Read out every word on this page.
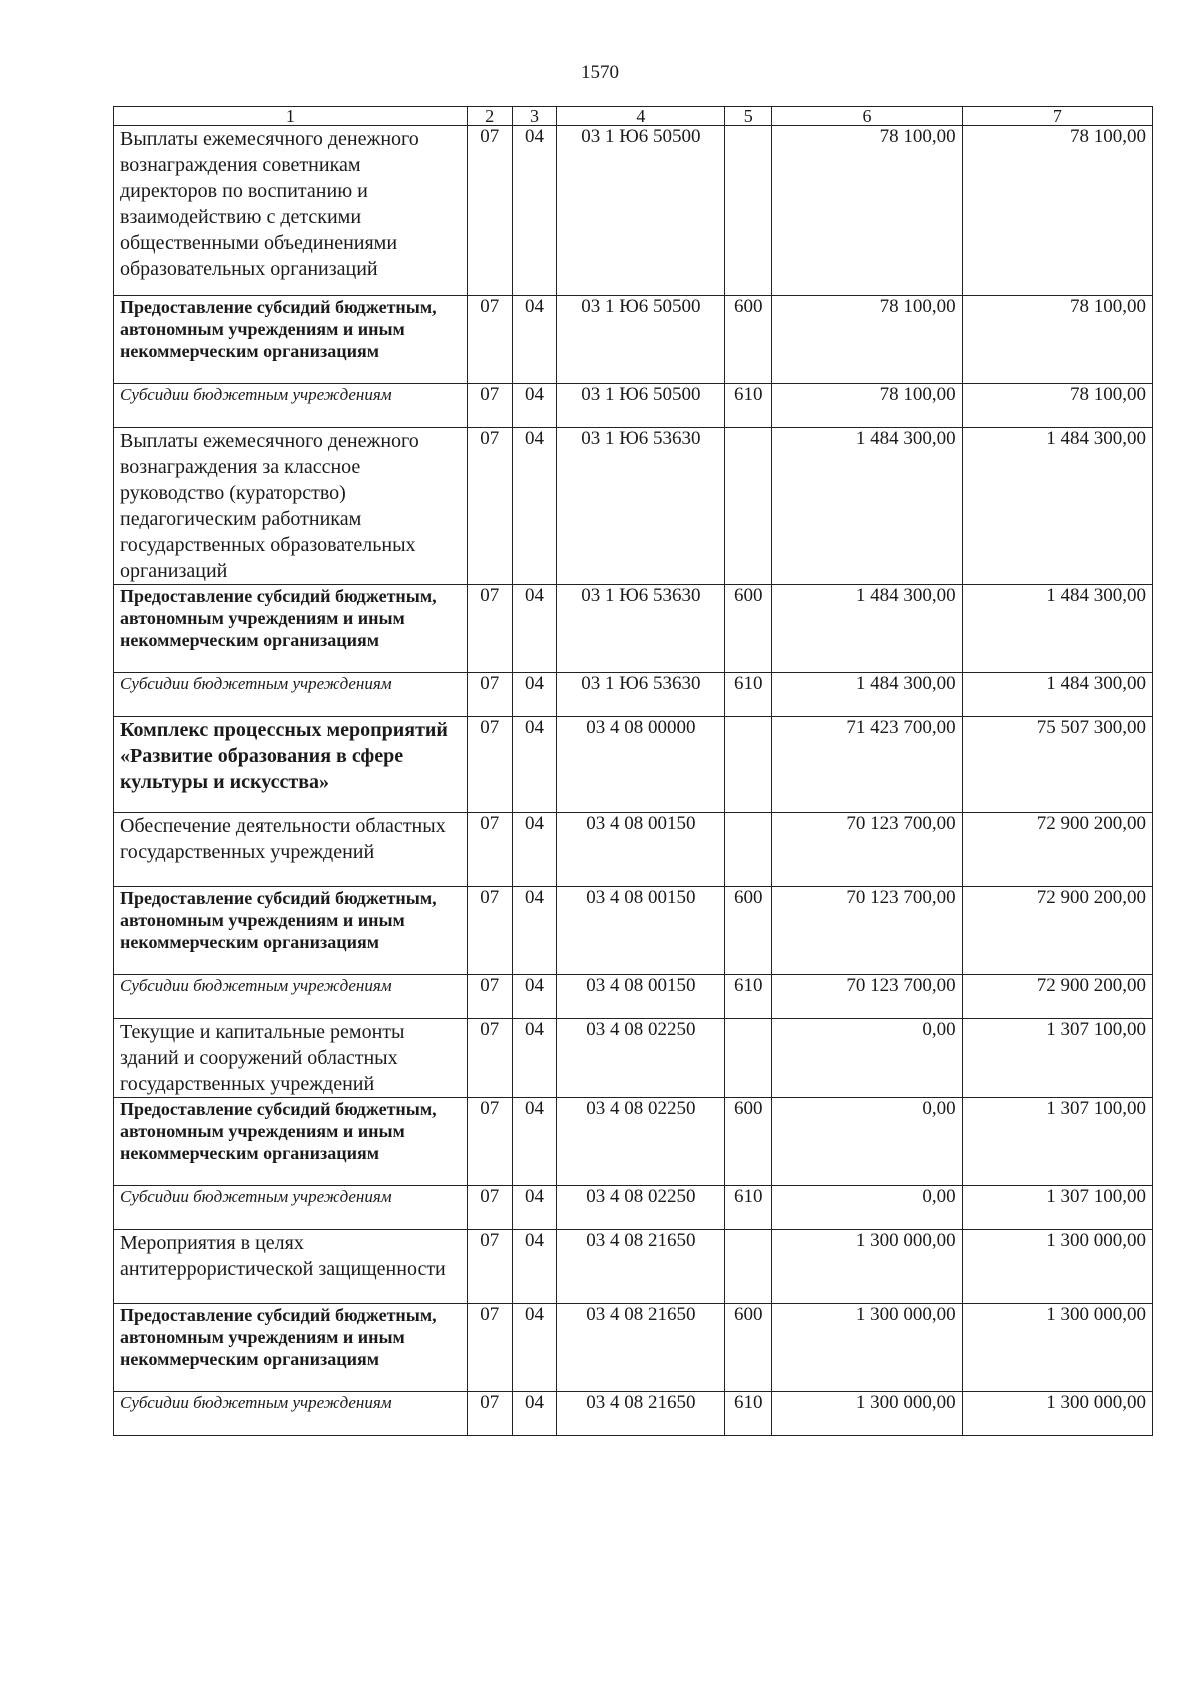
1570
1	2	3	4	5	6	7
Выплаты ежемесячного денежного вознаграждения советникам директоров по воспитанию и взаимодействию с детскими общественными объединениями образовательных организаций	07	04	03 1 Ю6 50500		78 100,00	78 100,00
Предоставление субсидий бюджетным, автономным учреждениям и иным некоммерческим организациям	07	04	03 1 Ю6 50500	600	78 100,00	78 100,00
Субсидии бюджетным учреждениям	07	04	03 1 Ю6 50500	610	78 100,00	78 100,00
Выплаты ежемесячного денежного вознаграждения за классное руководство (кураторство) педагогическим работникам государственных образовательных организаций	07	04	03 1 Ю6 53630		1 484 300,00	1 484 300,00
Предоставление субсидий бюджетным, автономным учреждениям и иным некоммерческим организациям	07	04	03 1 Ю6 53630	600	1 484 300,00	1 484 300,00
Субсидии бюджетным учреждениям	07	04	03 1 Ю6 53630	610	1 484 300,00	1 484 300,00
Комплекс процессных мероприятий «Развитие образования в сфере культуры и искусства»	07	04	03 4 08 00000		71 423 700,00	75 507 300,00
Обеспечение деятельности областных государственных учреждений	07	04	03 4 08 00150		70 123 700,00	72 900 200,00
Предоставление субсидий бюджетным, автономным учреждениям и иным некоммерческим организациям	07	04	03 4 08 00150	600	70 123 700,00	72 900 200,00
Субсидии бюджетным учреждениям	07	04	03 4 08 00150	610	70 123 700,00	72 900 200,00
Текущие и капитальные ремонты зданий и сооружений областных государственных учреждений	07	04	03 4 08 02250		0,00	1 307 100,00
Предоставление субсидий бюджетным, автономным учреждениям и иным некоммерческим организациям	07	04	03 4 08 02250	600	0,00	1 307 100,00
Субсидии бюджетным учреждениям	07	04	03 4 08 02250	610	0,00	1 307 100,00
Мероприятия в целях антитеррористической защищенности	07	04	03 4 08 21650		1 300 000,00	1 300 000,00
Предоставление субсидий бюджетным, автономным учреждениям и иным некоммерческим организациям	07	04	03 4 08 21650	600	1 300 000,00	1 300 000,00
Субсидии бюджетным учреждениям	07	04	03 4 08 21650	610	1 300 000,00	1 300 000,00
